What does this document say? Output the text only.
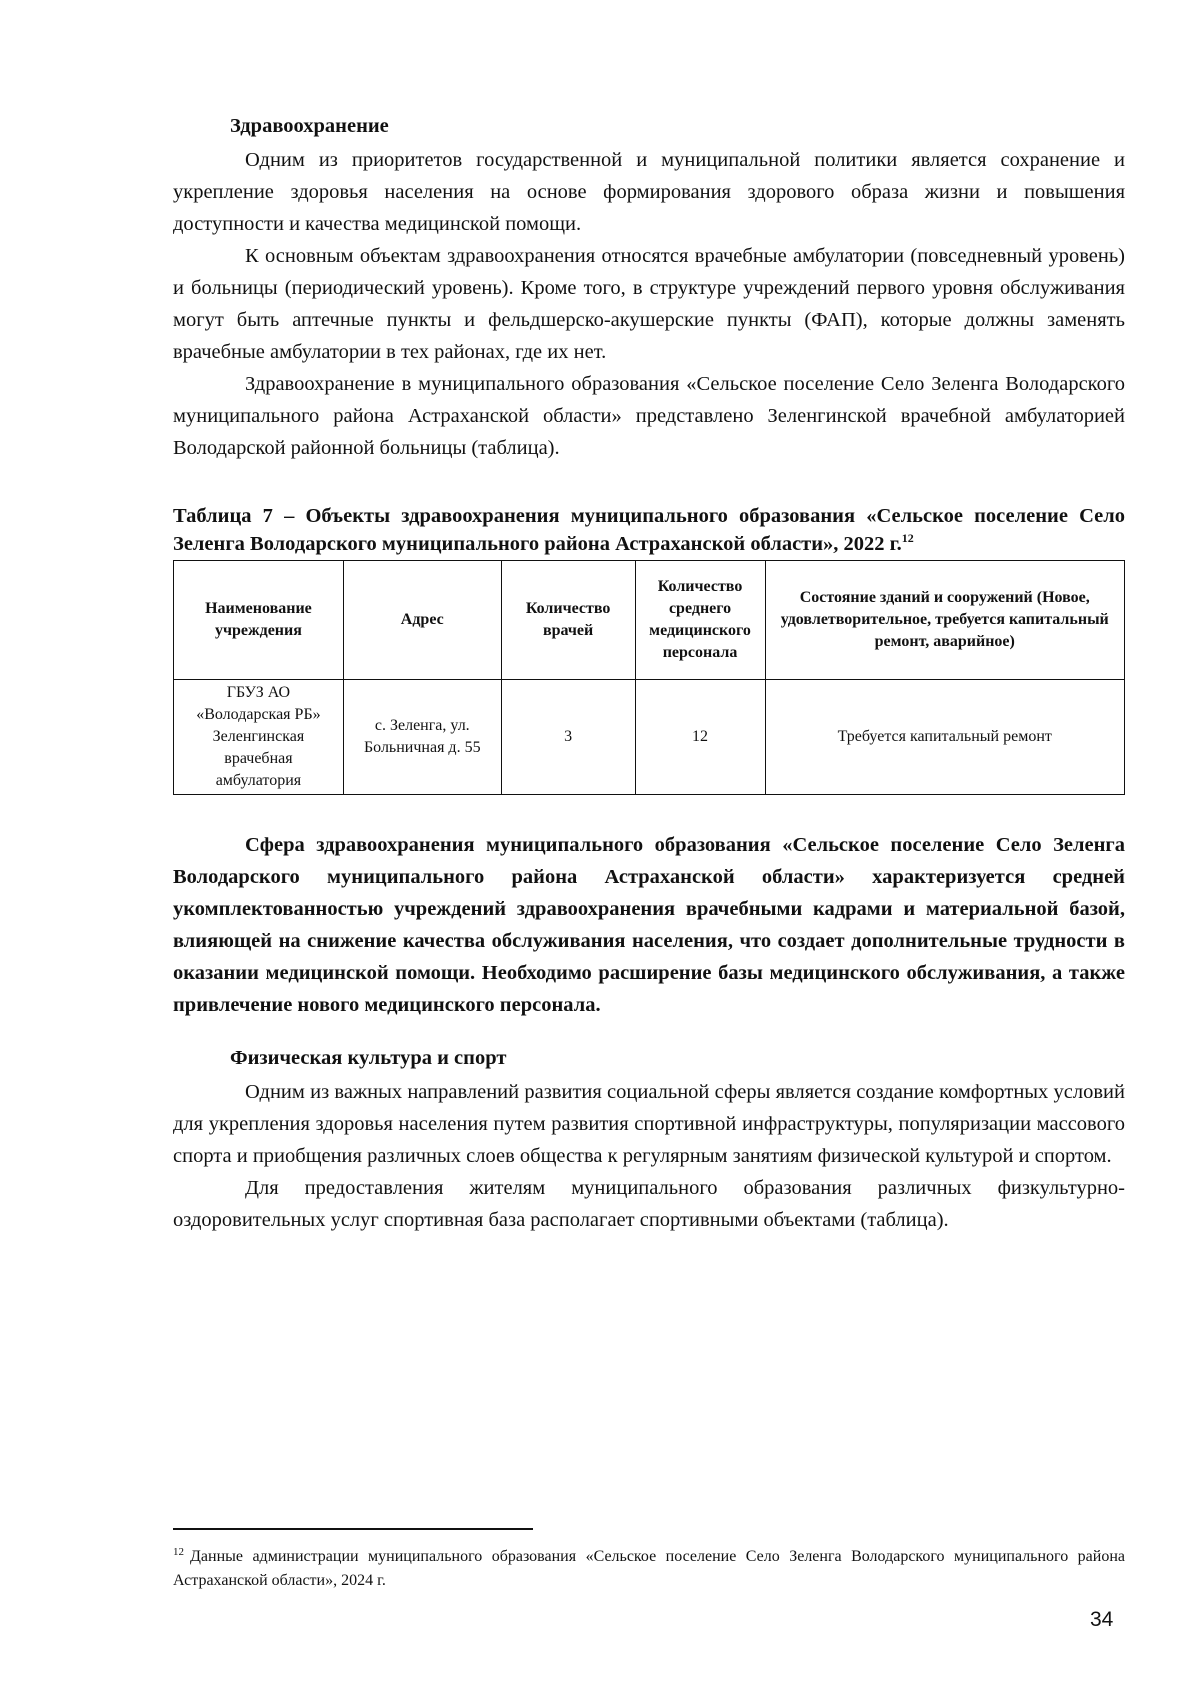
Здравоохранение

Одним из приоритетов государственной и муниципальной политики является сохранение и укрепление здоровья населения на основе формирования здорового образа жизни и повышения доступности и качества медицинской помощи.

К основным объектам здравоохранения относятся врачебные амбулатории (повседневный уровень) и больницы (периодический уровень). Кроме того, в структуре учреждений первого уровня обслуживания могут быть аптечные пункты и фельдшерско-акушерские пункты (ФАП), которые должны заменять врачебные амбулатории в тех районах, где их нет.

Здравоохранение в муниципального образования «Сельское поселение Село Зеленга Володарского муниципального района Астраханской области» представлено Зеленгинской врачебной амбулаторией Володарской районной больницы (таблица).

Таблица 7 – Объекты здравоохранения муниципального образования «Сельское поселение Село Зеленга Володарского муниципального района Астраханской области», 2022 г.$^{12}$
Наименование учреждения	Адрес	Количество врачей	Количество среднего медицинского персонала	Состояние зданий и сооружений (Новое, удовлетворительное, требуется капитальный ремонт, аварийное)
ГБУЗ АО «Володарская РБ» Зеленгинская врачебная амбулатория	с. Зеленга, ул. Больничная д. 55	3	12	Требуется капитальный ремонт

Сфера здравоохранения муниципального образования «Сельское поселение Село Зеленга Володарского муниципального района Астраханской области» характеризуется средней укомплектованностью учреждений здравоохранения врачебными кадрами и материальной базой, влияющей на снижение качества обслуживания населения, что создает дополнительные трудности в оказании медицинской помощи. Необходимо расширение базы медицинского обслуживания, а также привлечение нового медицинского персонала.

Физическая культура и спорт

Одним из важных направлений развития социальной сферы является создание комфортных условий для укрепления здоровья населения путем развития спортивной инфраструктуры, популяризации массового спорта и приобщения различных слоев общества к регулярным занятиям физической культурой и спортом.

Для предоставления жителям муниципального образования различных физкультурно-оздоровительных услуг спортивная база располагает спортивными объектами (таблица).

$^{12}$ Данные администрации муниципального образования «Сельское поселение Село Зеленга Володарского муниципального района Астраханской области», 2024 г.
34
